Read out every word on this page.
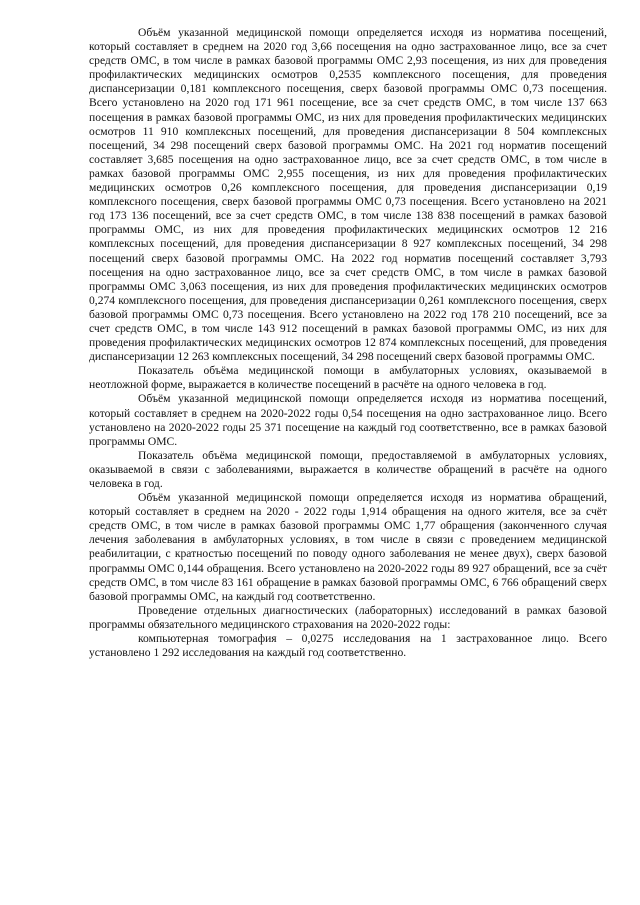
Объём указанной медицинской помощи определяется исходя из норматива посещений, который составляет в среднем на 2020 год 3,66 посещения на одно застрахованное лицо, все за счет средств ОМС, в том числе в рамках базовой программы ОМС 2,93 посещения, из них для проведения профилактических медицинских осмотров 0,2535 комплексного посещения, для проведения диспансеризации 0,181 комплексного посещения, сверх базовой программы ОМС 0,73 посещения. Всего установлено на 2020 год 171 961 посещение, все за счет средств ОМС, в том числе 137 663 посещения в рамках базовой программы ОМС, из них для проведения профилактических медицинских осмотров 11 910 комплексных посещений, для проведения диспансеризации 8 504 комплексных посещений, 34 298 посещений сверх базовой программы ОМС. На 2021 год норматив посещений составляет 3,685 посещения на одно застрахованное лицо, все за счет средств ОМС, в том числе в рамках базовой программы ОМС 2,955 посещения, из них для проведения профилактических медицинских осмотров 0,26 комплексного посещения, для проведения диспансеризации 0,19 комплексного посещения, сверх базовой программы ОМС 0,73 посещения. Всего установлено на 2021 год 173 136 посещений, все за счет средств ОМС, в том числе 138 838 посещений в рамках базовой программы ОМС, из них для проведения профилактических медицинских осмотров 12 216 комплексных посещений, для проведения диспансеризации 8 927 комплексных посещений, 34 298 посещений сверх базовой программы ОМС. На 2022 год норматив посещений составляет 3,793 посещения на одно застрахованное лицо, все за счет средств ОМС, в том числе в рамках базовой программы ОМС 3,063 посещения, из них для проведения профилактических медицинских осмотров 0,274 комплексного посещения, для проведения диспансеризации 0,261 комплексного посещения, сверх базовой программы ОМС 0,73 посещения. Всего установлено на 2022 год 178 210 посещений, все за счет средств ОМС, в том числе 143 912 посещений в рамках базовой программы ОМС, из них для проведения профилактических медицинских осмотров 12 874 комплексных посещений, для проведения диспансеризации 12 263 комплексных посещений, 34 298 посещений сверх базовой программы ОМС.

Показатель объёма медицинской помощи в амбулаторных условиях, оказываемой в неотложной форме, выражается в количестве посещений в расчёте на одного человека в год.

Объём указанной медицинской помощи определяется исходя из норматива посещений, который составляет в среднем на 2020-2022 годы 0,54 посещения на одно застрахованное лицо. Всего установлено на 2020-2022 годы 25 371 посещение на каждый год соответственно, все в рамках базовой программы ОМС.

Показатель объёма медицинской помощи, предоставляемой в амбулаторных условиях, оказываемой в связи с заболеваниями, выражается в количестве обращений в расчёте на одного человека в год.

Объём указанной медицинской помощи определяется исходя из норматива обращений, который составляет в среднем на 2020 - 2022 годы 1,914 обращения на одного жителя, все за счёт средств ОМС, в том числе в рамках базовой программы ОМС 1,77 обращения (законченного случая лечения заболевания в амбулаторных условиях, в том числе в связи с проведением медицинской реабилитации, с кратностью посещений по поводу одного заболевания не менее двух), сверх базовой программы ОМС 0,144 обращения. Всего установлено на 2020-2022 годы 89 927 обращений, все за счёт средств ОМС, в том числе 83 161 обращение в рамках базовой программы ОМС, 6 766 обращений сверх базовой программы ОМС, на каждый год соответственно.

Проведение отдельных диагностических (лабораторных) исследований в рамках базовой программы обязательного медицинского страхования на 2020-2022 годы:

компьютерная томография – 0,0275 исследования на 1 застрахованное лицо. Всего установлено 1 292 исследования на каждый год соответственно.
